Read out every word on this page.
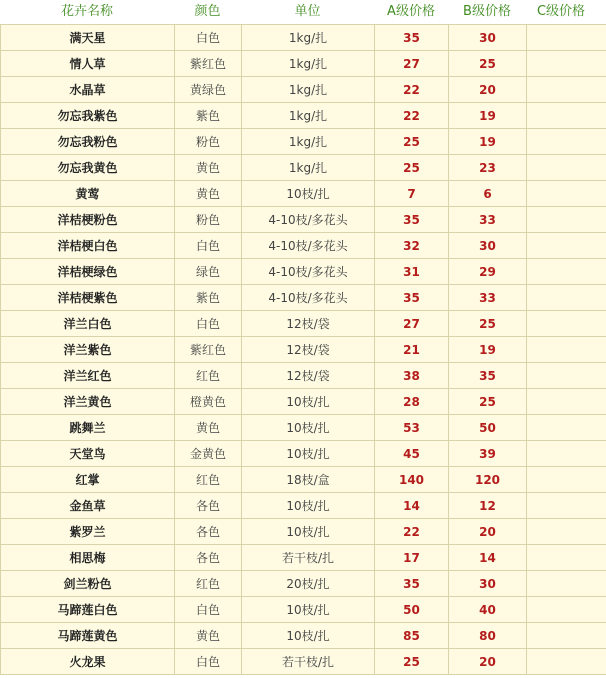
花卉名称	颜色	单位	A级价格	B级价格	C级价格
满天星	白色	1kg/扎	35	30	
情人草	紫红色	1kg/扎	27	25	
水晶草	黄绿色	1kg/扎	22	20	
勿忘我紫色	紫色	1kg/扎	22	19	
勿忘我粉色	粉色	1kg/扎	25	19	
勿忘我黄色	黄色	1kg/扎	25	23	
黄莺	黄色	10枝/扎	7	6	
洋桔梗粉色	粉色	4-10枝/多花头	35	33	
洋桔梗白色	白色	4-10枝/多花头	32	30	
洋桔梗绿色	绿色	4-10枝/多花头	31	29	
洋桔梗紫色	紫色	4-10枝/多花头	35	33	
洋兰白色	白色	12枝/袋	27	25	
洋兰紫色	紫红色	12枝/袋	21	19	
洋兰红色	红色	12枝/袋	38	35	
洋兰黄色	橙黄色	10枝/扎	28	25	
跳舞兰	黄色	10枝/扎	53	50	
天堂鸟	金黄色	10枝/扎	45	39	
红掌	红色	18枝/盒	140	120	
金鱼草	各色	10枝/扎	14	12	
紫罗兰	各色	10枝/扎	22	20	
相思梅	各色	若干枝/扎	17	14	
剑兰粉色	红色	20枝/扎	35	30	
马蹄莲白色	白色	10枝/扎	50	40	
马蹄莲黄色	黄色	10枝/扎	85	80	
火龙果	白色	若干枝/扎	25	20	
